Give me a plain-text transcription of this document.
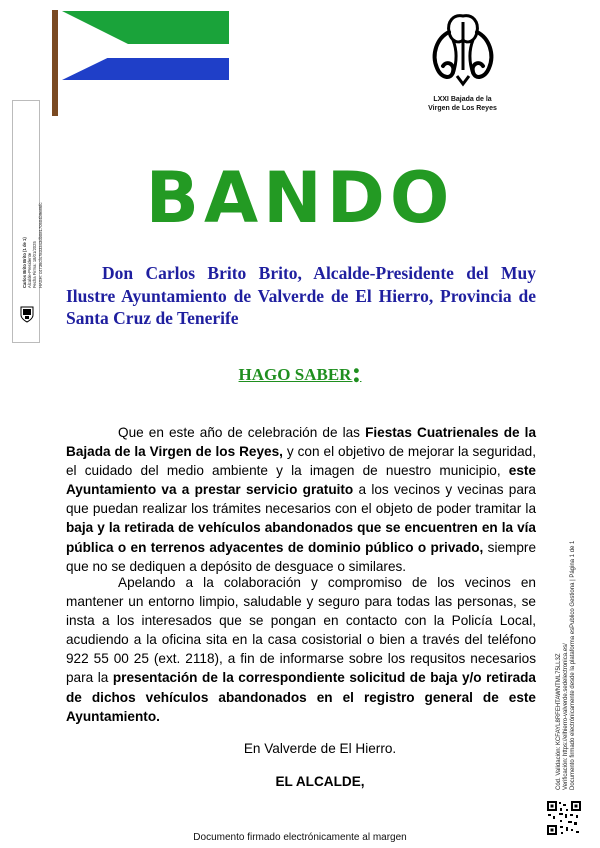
LXXI Bajada de la
Virgen de Los Reyes
Carlos Brito Brito (1 de 1) Alcalde-Presidente Fecha Firma: 18/01/2025 HASH: c4736cf47833343db08170504b9e86fc
BANDO
Don Carlos Brito Brito, Alcalde-Presidente del Muy Ilustre Ayuntamiento de Valverde de El Hierro, Provincia de Santa Cruz de Tenerife
HAGO SABER:
Que en este año de celebración de las Fiestas Cuatrienales de la Bajada de la Virgen de los Reyes, y con el objetivo de mejorar la seguridad, el cuidado del medio ambiente y la imagen de nuestro municipio, este Ayuntamiento va a prestar servicio gratuito a los vecinos y vecinas para que puedan realizar los trámites necesarios con el objeto de poder tramitar la baja y la retirada de vehículos abandonados que se encuentren en la vía pública o en terrenos adyacentes de dominio público o privado, siempre que no se dediquen a depósito de desguace o similares.
Apelando a la colaboración y compromiso de los vecinos en mantener un entorno limpio, saludable y seguro para todas las personas, se insta a los interesados que se pongan en contacto con la Policía Local, acudiendo a la oficina sita en la casa cosistorial o bien a través del teléfono 922 55 00 25 (ext. 2118), a fin de informarse sobre los requsitos necesarios para la presentación de la correspondiente solicitud de baja y/o retirada de dichos vehículos abandonados en el registro general de este Ayuntamiento.
En Valverde de El Hierro.
EL ALCALDE,	Cód. Validación: KCFAYL8RFEHTAWNTML75LL3Z Verificación: https://elhierro-valverde.sedelectronica.es/ Documento firmado electrónicamente desde la plataforma esPublico Gestiona | Página 1 de 1
Documento firmado electrónicamente al margen
